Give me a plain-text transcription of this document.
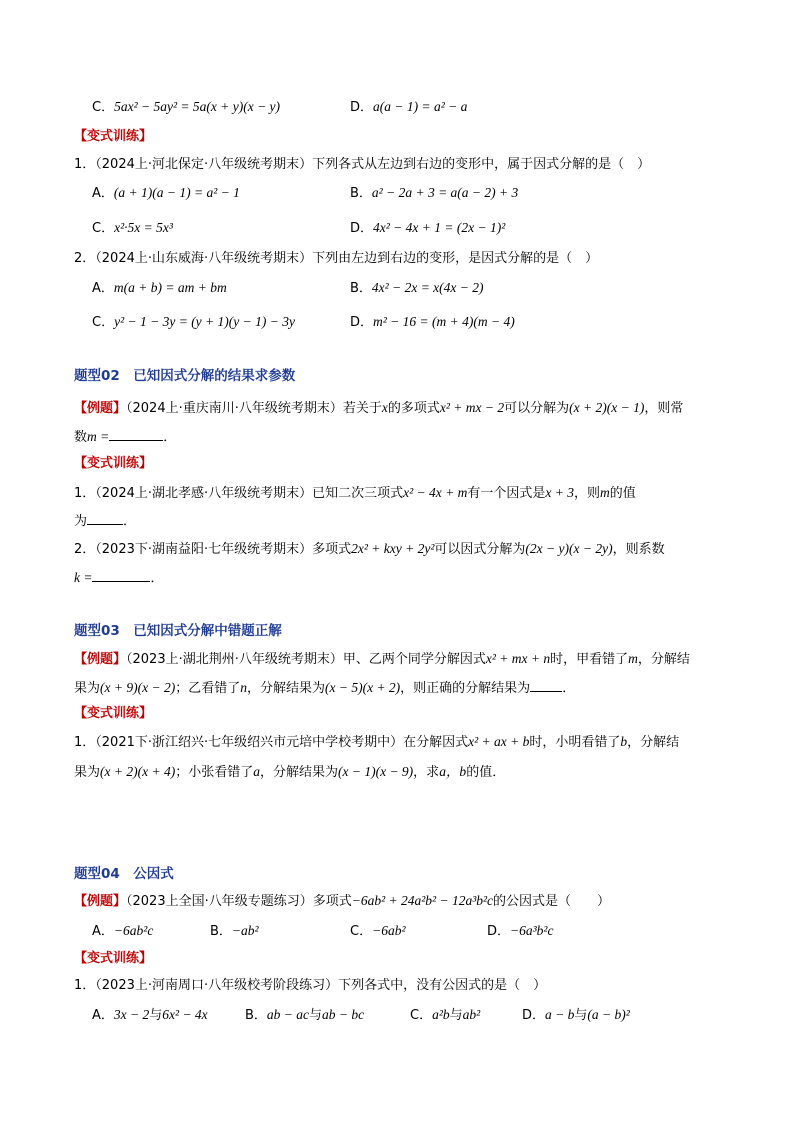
C．5ax² − 5ay² = 5a(x + y)(x − y)	D．a(a − 1) = a² − a
【变式训练】
1．（2024上·河北保定·八年级统考期末）下列各式从左边到右边的变形中，属于因式分解的是（　）
A．(a + 1)(a − 1) = a² − 1	B．a² − 2a + 3 = a(a − 2) + 3
C．x²·5x = 5x³	D．4x² − 4x + 1 = (2x − 1)²
2．（2024上·山东威海·八年级统考期末）下列由左边到右边的变形，是因式分解的是（　）
A．m(a + b) = am + bm	B．4x² − 2x = x(4x − 2)
C．y² − 1 − 3y = (y + 1)(y − 1) − 3y	D．m² − 16 = (m + 4)(m − 4)
题型02　已知因式分解的结果求参数
【例题】（2024上·重庆南川·八年级统考期末）若关于x的多项式x² + mx − 2可以分解为(x + 2)(x − 1)，则常
数m =	．
【变式训练】
1．（2024上·湖北孝感·八年级统考期末）已知二次三项式x² − 4x + m有一个因式是x + 3，则m的值
为	．
2．（2023下·湖南益阳·七年级统考期末）多项式2x² + kxy + 2y²可以因式分解为(2x − y)(x − 2y)，则系数
k =	．
题型03　已知因式分解中错题正解
【例题】（2023上·湖北荆州·八年级统考期末）甲、乙两个同学分解因式x² + mx + n时，甲看错了m，分解结
果为(x + 9)(x − 2)；乙看错了n，分解结果为(x − 5)(x + 2)，则正确的分解结果为 ．
【变式训练】
1．（2021下·浙江绍兴·七年级绍兴市元培中学校考期中）在分解因式x² + ax + b时，小明看错了b，分解结
果为(x + 2)(x + 4)；小张看错了a，分解结果为(x − 1)(x − 9)，求a，b的值．
题型04　公因式
【例题】（2023上全国·八年级专题练习）多项式−6ab² + 24a²b² − 12a³b²c的公因式是（　　）
A．−6ab²c	B．−ab²	C．−6ab²	D．−6a³b²c
【变式训练】
1．（2023上·河南周口·八年级校考阶段练习）下列各式中，没有公因式的是（　）
A．3x − 2与6x² − 4x	B．ab − ac与ab − bc	C．a²b与ab²	D．a − b与(a − b)²
